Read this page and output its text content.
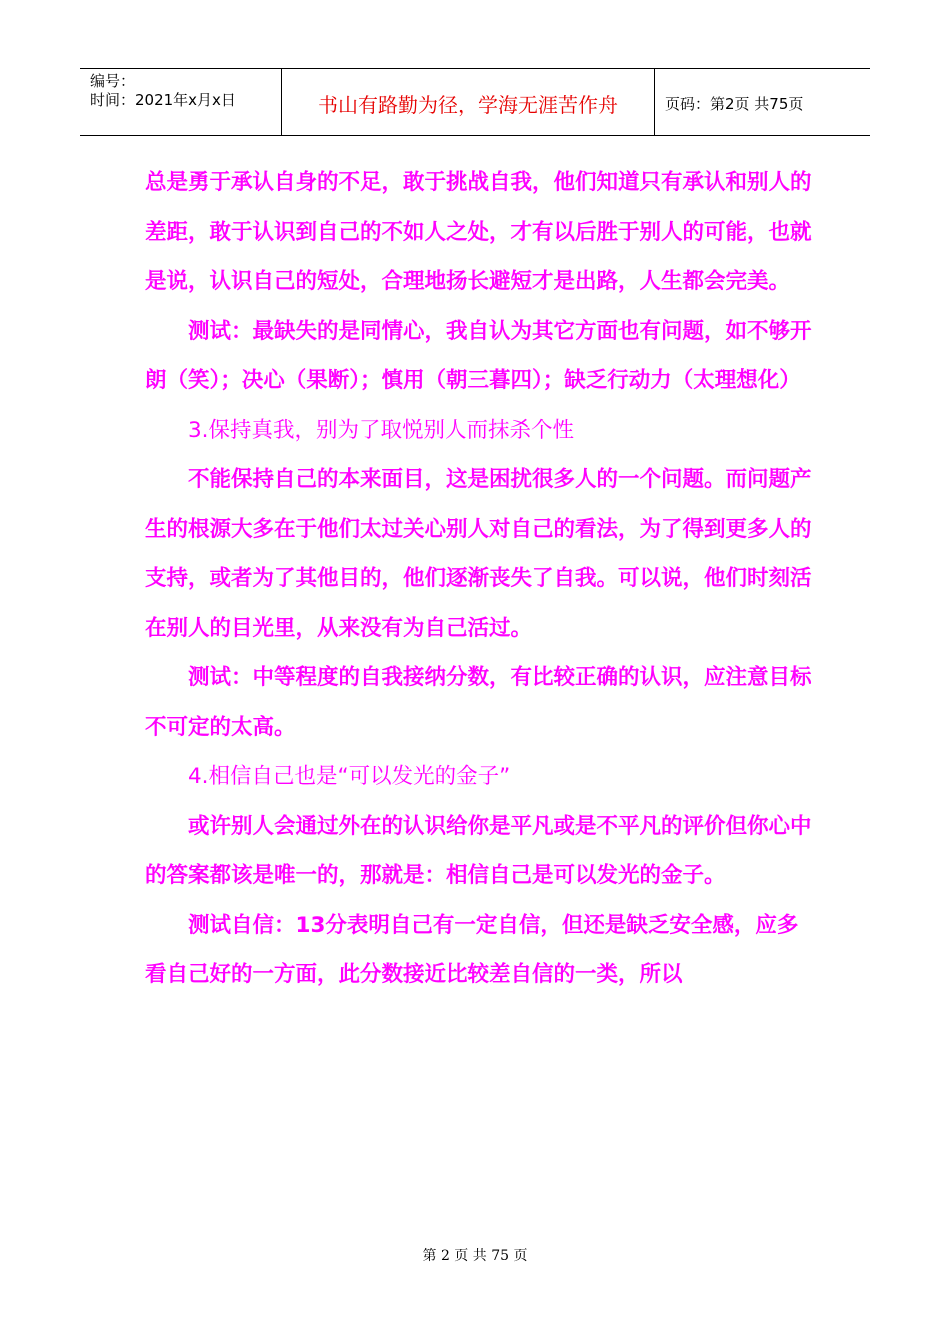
编号：
时间：2021年x月x日	书山有路勤为径，学海无涯苦作舟	页码：第2页 共75页

总是勇于承认自身的不足，敢于挑战自我，他们知道只有承认和别人的差距，敢于认识到自己的不如人之处，才有以后胜于别人的可能，也就是说，认识自己的短处，合理地扬长避短才是出路，人生都会完美。

测试：最缺失的是同情心，我自认为其它方面也有问题，如不够开朗（笑）；决心（果断）；慎用（朝三暮四）；缺乏行动力（太理想化）

3.保持真我，别为了取悦别人而抹杀个性

不能保持自己的本来面目，这是困扰很多人的一个问题。而问题产生的根源大多在于他们太过关心别人对自己的看法，为了得到更多人的支持，或者为了其他目的，他们逐渐丧失了自我。可以说，他们时刻活在别人的目光里，从来没有为自己活过。

测试：中等程度的自我接纳分数，有比较正确的认识，应注意目标不可定的太高。

4.相信自己也是“可以发光的金子”

或许别人会通过外在的认识给你是平凡或是不平凡的评价但你心中的答案都该是唯一的，那就是：相信自己是可以发光的金子。

测试自信：13分表明自己有一定自信，但还是缺乏安全感，应多看自己好的一方面，此分数接近比较差自信的一类，所以

第 2 页 共 75 页
